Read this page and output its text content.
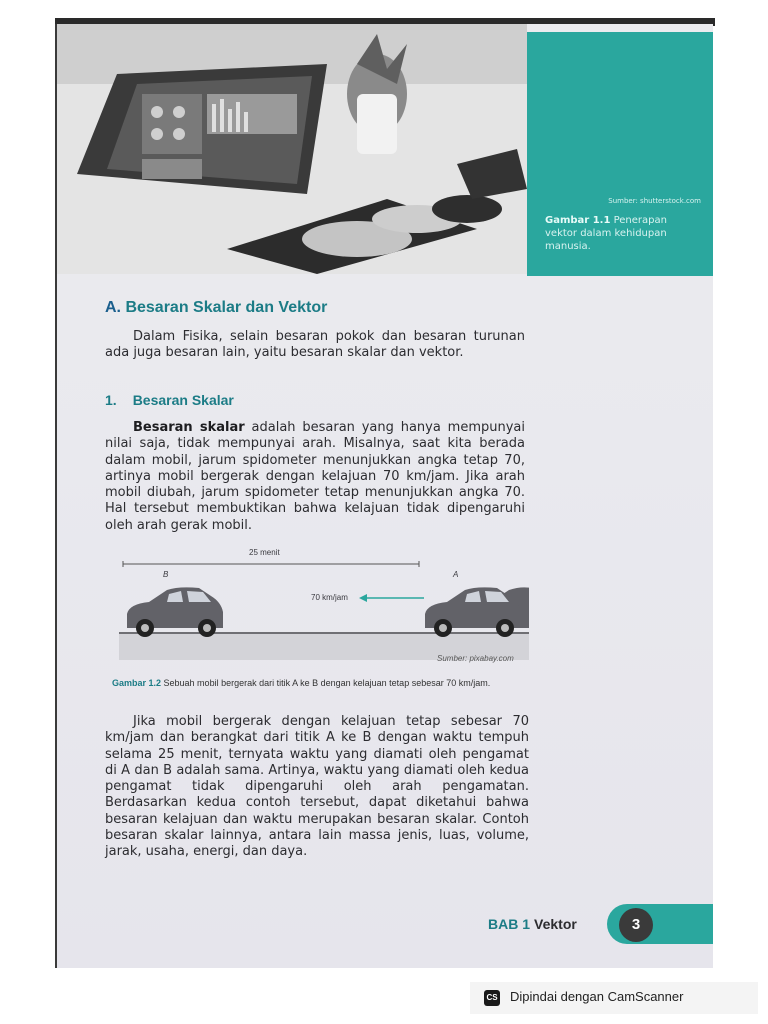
Sumber: shutterstock.com
Gambar 1.1 Penerapan vektor dalam kehidupan manusia.
A. Besaran Skalar dan Vektor
Dalam Fisika, selain besaran pokok dan besaran turunan ada juga besaran lain, yaitu besaran skalar dan vektor.
1. Besaran Skalar
Besaran skalar adalah besaran yang hanya mempunyai nilai saja, tidak mempunyai arah. Misalnya, saat kita berada dalam mobil, jarum spidometer menunjukkan angka tetap 70, artinya mobil bergerak dengan kelajuan 70 km/jam. Jika arah mobil diubah, jarum spidometer tetap menunjukkan angka 70. Hal tersebut membuktikan bahwa kelajuan tidak dipengaruhi oleh arah gerak mobil.
25 menit
B	A
70 km/jam
Sumber: pixabay.com
Gambar 1.2 Sebuah mobil bergerak dari titik A ke B dengan kelajuan tetap sebesar 70 km/jam.
Jika mobil bergerak dengan kelajuan tetap sebesar 70 km/jam dan berangkat dari titik A ke B dengan waktu tempuh selama 25 menit, ternyata waktu yang diamati oleh pengamat di A dan B adalah sama. Artinya, waktu yang diamati oleh kedua pengamat tidak dipengaruhi oleh arah pengamatan. Berdasarkan kedua contoh tersebut, dapat diketahui bahwa besaran kelajuan dan waktu merupakan besaran skalar. Contoh besaran skalar lainnya, antara lain massa jenis, luas, volume, jarak, usaha, energi, dan daya.
BAB 1 Vektor	3
CS Dipindai dengan CamScanner
